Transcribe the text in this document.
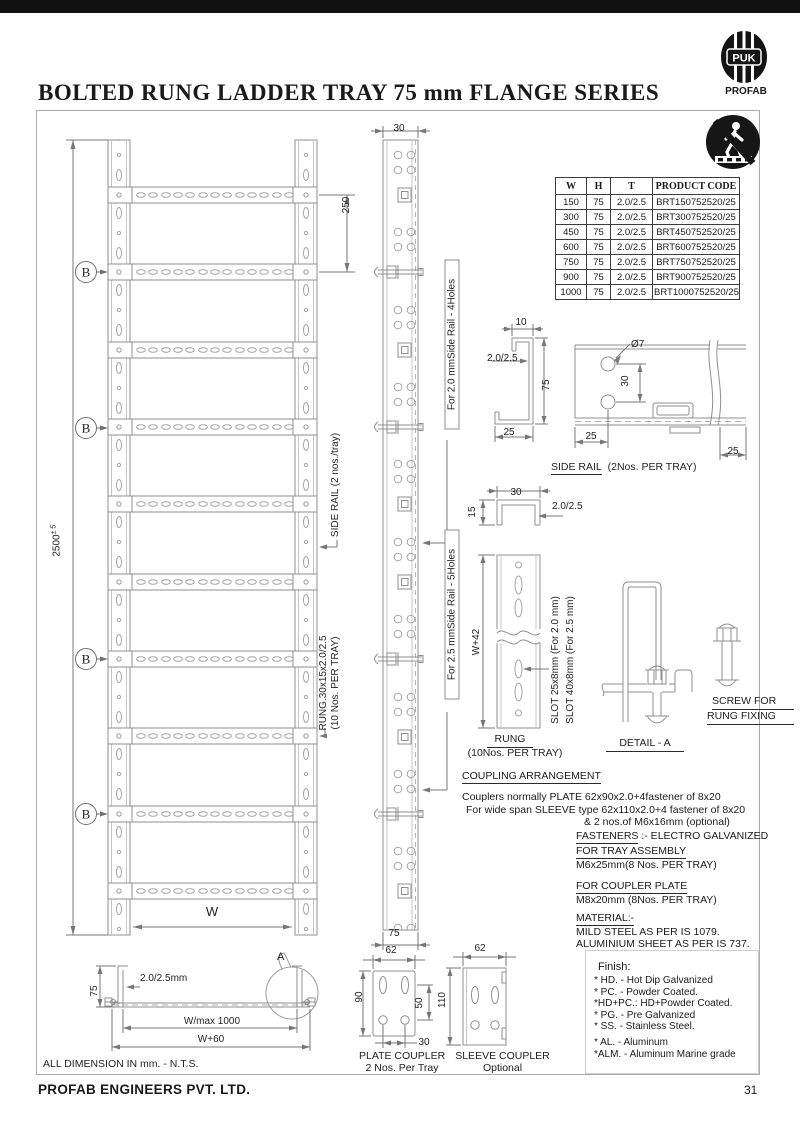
BOLTED RUNG LADDER TRAY 75 mm FLANGE SERIES
PUK
PROFAB
W	H	T	PRODUCT CODE
150	75	2.0/2.5	BRT150752520/25
300	75	2.0/2.5	BRT300752520/25
450	75	2.0/2.5	BRT450752520/25
600	75	2.0/2.5	BRT600752520/25
750	75	2.0/2.5	BRT750752520/25
900	75	2.0/2.5	BRT900752520/25
1000	75	2.0/2.5	BRT1000752520/25
B
B
B
B
$2500^{\pm 5}$
250
W
SIDE RAIL (2 nos./tray)
RUNG.30x15x2.0/2.5 (10 Nos. PER TRAY)
30
75
For 2.0 mmSide Rail - 4Holes
For 2.5 mmSide Rail - 5Holes
10
2.0/2.5
75
25
Ø7
30
25
25
SIDE RAIL (2Nos. PER TRAY)
30
15	2.0/2.5
W+42	SLOT 25x8mm (For 2.0 mm) SLOT 40x8mm (For 2.5 mm)
RUNG
(10Nos. PER TRAY)
DETAIL - A
SCREW FOR
RUNG FIXING
COUPLING ARRANGEMENT
Couplers normally PLATE 62x90x2.0+4fastener of 8x20
For wide span SLEEVE type 62x110x2.0+4 fastener of 8x20
& 2 nos.of M6x16mm (optional)
FASTENERS :- ELECTRO GALVANIZED
FOR TRAY ASSEMBLY
M6x25mm(8 Nos. PER TRAY)
FOR COUPLER PLATE
M8x20mm (8Nos. PER TRAY)
MATERIAL:-
MILD STEEL AS PER IS 1079.
ALUMINIUM SHEET AS PER IS 737.
75
2.0/2.5mm
W/max 1000
W+60
A
ALL DIMENSION IN mm. - N.T.S.
62
90
50
30
PLATE COUPLER
2 Nos. Per Tray
62
110
SLEEVE COUPLER
Optional
Finish:
* HD. - Hot Dip Galvanized
* PC. - Powder Coated.
*HD+PC.: HD+Powder Coated.
* PG. - Pre Galvanized
* SS. - Stainless Steel.
* AL. - Aluminum
*ALM. - Aluminum Marine grade
PROFAB ENGINEERS PVT. LTD.	31
